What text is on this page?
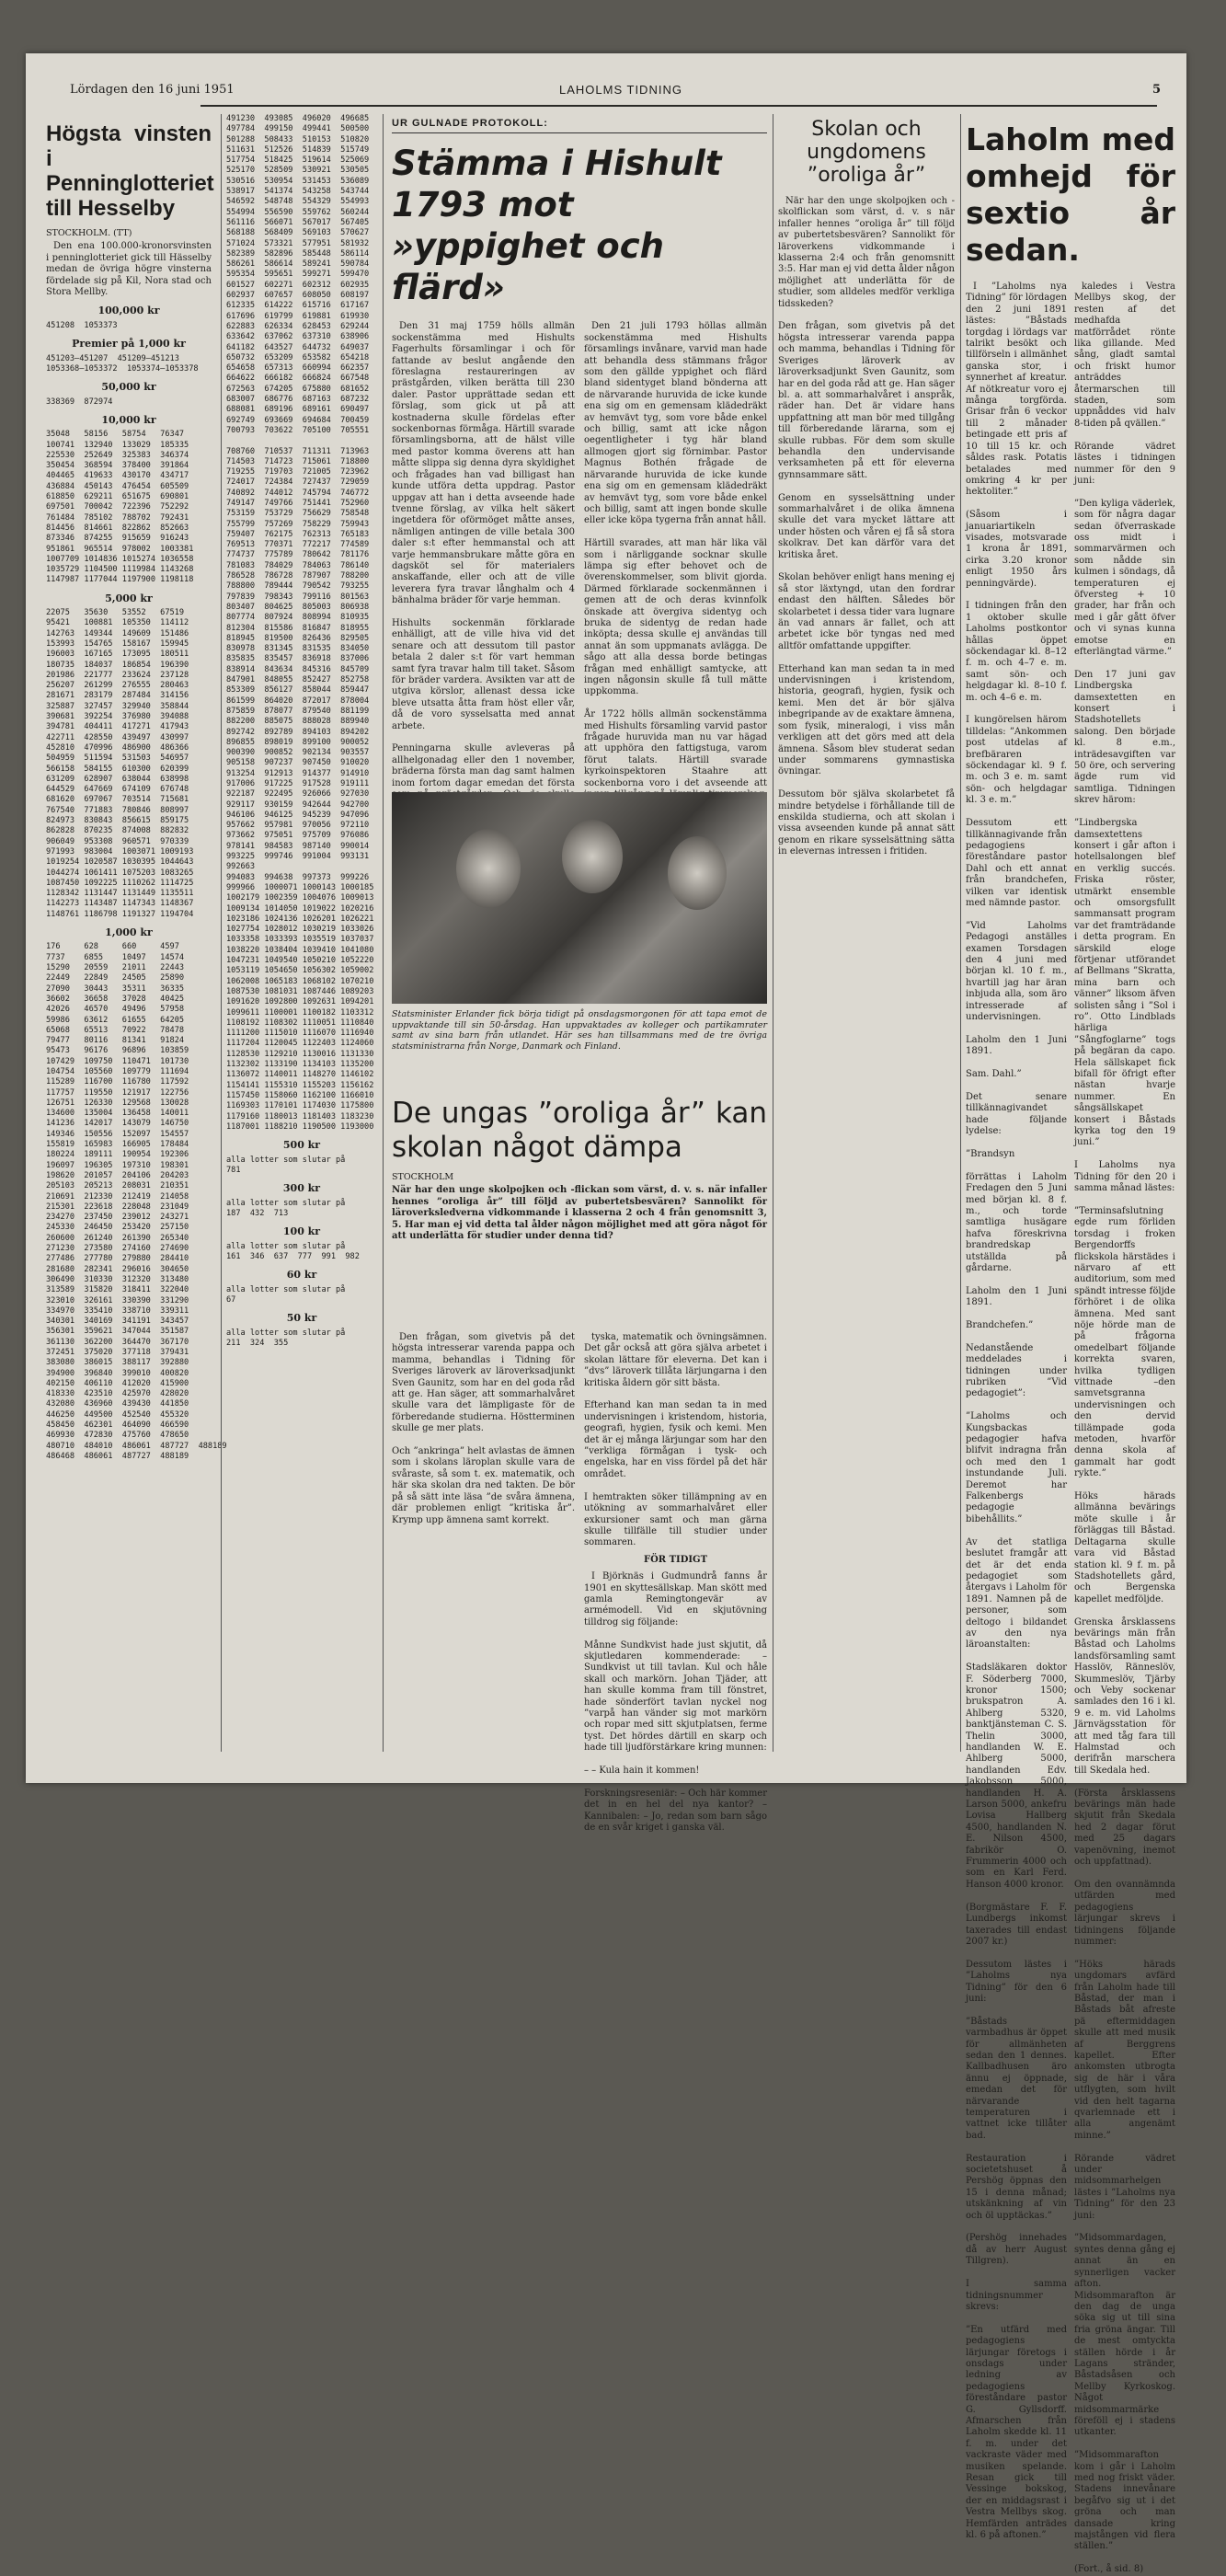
Lördagen den 16 juni 1951	LAHOLMS TIDNING	5
Högsta vinsten i Penninglotteriet till Hesselby
STOCKHOLM. (TT)
Den ena 100.000-kronorsvinsten i penninglotteriet gick till Hässelby medan de övriga högre vinsterna fördelade sig på Kil, Nora stad och Stora Mellby.
100,000 kr
451208  1053373
Premier på 1,000 kr
451203—451207  451209—451213
1053368—1053372  1053374—1053378
50,000 kr
338369  872974
10,000 kr
35048   58156   58754   76347
100741  132940  133029  185335
225530  252649  325383  346374
350454  368594  378400  391864
404465  419633  430170  434717
436884  450143  476454  605509
618850  629211  651675  690801
697501  700042  722396  752292
761484  785102  788702  792431
814456  814661  822862  852663
873346  874255  915659  916243
951861  965514  978002  1003381
1007709 1014836 1015274 1036558
1035729 1104500 1119984 1143268
1147987 1177044 1197900 1198118
5,000 kr
22075   35630   53552   67519
95421   100881  105350  114112
142763  149344  149609  151486
153993  154765  158167  159945
196003  167165  173095  180511
180735  184037  186854  196390
201986  221777  233624  237128
256207  261299  276555  280463
281671  283179  287484  314156
325887  327457  329940  358844
390681  392254  376980  394088
394781  404411  417271  417943
422711  428550  439497  430997
452810  470996  486900  486366
504959  511594  531503  546957
566158  584155  610300  620399
631209  628907  638044  638998
644529  647669  674109  676748
681620  697067  703514  715681
767540  771883  780846  808997
824973  830843  856615  859175
862828  870235  874008  882832
906049  953308  960571  970339
971993  983004  1003071 1009193
1019254 1020587 1030395 1044643
1044274 1061411 1075203 1083265
1087450 1092225 1110262 1114725
1128342 1131447 1131449 1135511
1142273 1143487 1147343 1148367
1148761 1186798 1191327 1194704
1,000 kr
176     628     660     4597
7737    6855    10497   14574
15290   20559   21011   22443
22449   22849   24505   25890
27090   30443   35311   36335
36602   36658   37028   40425
42026   46570   49496   57958
59986   63612   61655   64205
65068   65513   70922   78478
79477   80116   81341   91824
95473   96176   96896   103859
107429  109750  110471  101730
104754  105560  109779  111694
115289  116700  116780  117592
117757  119550  121917  122756
126751  126330  129568  130028
134600  135004  136458  140011
141236  142017  143079  146750
149346  150556  152097  154557
155819  165983  166905  178484
180224  189111  190954  192306
196097  196305  197310  198301
198620  201057  204106  204203
205103  205213  208031  210351
210691  212330  212419  214058
215301  223618  228048  231049
234270  237450  239012  243271
245330  246450  253420  257150
260600  261240  261390  265340
271230  273580  274160  274690
277486  277780  279880  284410
281680  282341  296016  304650
306490  310330  312320  313480
313589  315820  318411  322040
323010  326161  330390  331290
334970  335410  338710  339311
340301  340169  341191  343457
356301  359621  347044  351587
361130  362200  364470  367170
372451  375020  377118  379431
383080  386015  388117  392880
394900  396840  399010  400820
402150  406110  412020  415900
418330  423510  425970  428020
432080  436960  439430  441850
446250  449500  452540  455320
458450  462301  464090  466590
469930  472830  475760  478650
480710  484010  486061  487727  488189
486468  486061  487727  488189
491230  493085  496020  496685
497784  499150  499441  500500
501288  508433  510153  510820
511631  512526  514839  515749
517754  518425  519614  525069
525170  528509  530921  530505
530516  530954  531453  536089
538917  541374  543258  543744
546592  548748  554329  554993
554994  556590  559762  560244
561116  566071  567017  567405
568188  568409  569103  570627
571024  573321  577951  581932
582389  582896  585448  586114
586261  586614  589241  590784
595354  595651  599271  599470
601527  602271  602312  602935
602937  607657  608050  608197
612335  614222  615716  617167
617696  619799  619881  619930
622883  626334  628453  629244
633642  637062  637310  638906
641182  643527  644732  649037
650732  653209  653582  654218
654658  657313  660994  662357
664622  666182  666824  667548
672563  674205  675880  681652
683007  686776  687163  687232
688081  689196  689161  690497
692749  693669  694684  700459
700793  703622  705100  705551

708760  710537  711311  713963
714503  714723  715061  718800
719255  719703  721005  723962
724017  724384  727437  729059
740892  744012  745794  746772
749147  749766  751441  752960
753159  753729  756629  758548
755799  757269  758229  759943
759407  762175  762313  765183
769513  770371  772217  774589
774737  775789  780642  781176
781083  784029  784063  786140
786528  786728  787907  788200
788800  789444  790542  793255
797839  798343  799116  801563
803407  804625  805003  806938
807774  807924  808994  810935
812304  815586  816847  818955
818945  819500  826436  829505
830978  831345  831535  834050
835835  835457  836918  837006
838914  843634  845316  845709
847901  848055  852427  852758
853309  856127  858044  859447
861599  864020  872017  878004
875859  878077  879540  881199
882200  885075  888028  889940
892742  892789  894103  894202
896855  898019  899100  900052
900390  900852  902134  903557
905158  907237  907450  910020
913254  912913  914377  914910
917006  917225  917528  919111
922187  922495  926066  927030
929117  930159  942644  942700
946106  946125  945239  947096
957662  957981  970056  972110
973662  975051  975709  976086
978141  984583  987140  990014
993225  999746  991004  993131
992663
994083  994638  997373  999226
999966  1000071 1000143 1000185
1002179 1002359 1004076 1009013
1009134 1014050 1019022 1020216
1023186 1024136 1026201 1026221
1027754 1028012 1030219 1033026
1033358 1033393 1035519 1037037
1038220 1038404 1039410 1041080
1047231 1049540 1050210 1052220
1053119 1054650 1056302 1059002
1062008 1065183 1068102 1070210
1087530 1081031 1087446 1089203
1091620 1092800 1092631 1094201
1099611 1100001 1100182 1103312
1108192 1108302 1110051 1110840
1111200 1115010 1116070 1116940
1117204 1120045 1122403 1124060
1128530 1129210 1130016 1131330
1132302 1133190 1134103 1135200
1136072 1140011 1148270 1146102
1154141 1155310 1155203 1156162
1157450 1158060 1162100 1166010
1169303 1170101 1174030 1175800
1179160 1180013 1181403 1183230
1187001 1188210 1190500 1193000
500 kr
alla lotter som slutar på
781
300 kr
alla lotter som slutar på
187  432  713
100 kr
alla lotter som slutar på
161  346  637  777  991  982
60 kr
alla lotter som slutar på
67
50 kr
alla lotter som slutar på
211  324  355
UR GULNADE PROTOKOLL:
Stämma i Hishult 1793 mot »yppighet och flärd»
Den 31 maj 1759 hölls allmän sockenstämma med Hishults Fagerhults församlingar i och för fattande av beslut angående den föreslagna restaureringen av prästgården, vilken berätta till 230 daler. Pastor upprättade sedan ett förslag, som gick ut på att kostnaderna skulle fördelas efter sockenbornas förmåga. Härtill svarade församlingsborna, att de hälst ville med pastor komma överens att han måtte slippa sig denna dyra skyldighet och frågades han vad billigast han kunde utföra detta uppdrag. Pastor uppgav att han i detta avseende hade tvenne förslag, av vilka helt säkert ingetdera för oförmöget måtte anses, nämligen antingen de ville betala 300 daler s:t efter hemmanstal och att varje hemmansbrukare måtte göra en dagsköt sel för materialers anskaffande, eller och att de ville leverera fyra travar långhalm och 4 bänhalma bräder för varje hemman.

Hishults sockenmän förklarade enhälligt, att de ville hiva vid det senare och att dessutom till pastor betala 2 daler s:t för vart hemman samt fyra travar halm till taket. Såsom för bräder vardera. Avsikten var att de utgiva körslor, allenast dessa icke bleve utsatta åtta fram höst eller vår, då de voro sysselsatta med annat arbete.

Penningarna skulle avleveras på allhelgonadag eller den 1 november, bräderna första man dag samt halmen inom fortom dagar emedan det första
Den 21 juli 1793 höllas allmän sockenstämma med Hishults församlings invånare, varvid man hade att behandla dess stämmans frågor som den gällde yppighet och flärd bland sidentyget bland bönderna att de närvarande huruvida de icke kunde ena sig om en gemensam klädedräkt av hemvävt tyg, som vore både enkel och billig, samt att icke någon oegentligheter i tyg här bland allmogen gjort sig förnimbar. Pastor Magnus Bothén frågade de närvarande huruvida de icke kunde ena sig om en gemensam klädedräkt av hemvävt tyg, som vore både enkel och billig, samt att ingen bonde skulle eller icke köpa tygerna från annat håll.

Härtill svarades, att man här lika väl som i närliggande socknar skulle lämpa sig efter behovet och de överenskommelser, som blivit gjorda. Därmed förklarade sockenmännen i gemen att de och deras kvinnfolk önskade att övergiva sidentyg och bruka de sidentyg de redan hade inköpta; dessa skulle ej användas till annat än som uppmanats avlägga. De sågo att alla dessa borde betingas frågan med enhälligt samtycke, att ingen någonsin skulle få tull mätte uppkomma.

År 1722 hölls allmän sockenstämma med Hishults församling varvid pastor frågade huruvida man nu var hägad att upphöra den fattigstuga, varom förut talats. Härtill svarade kyrkoinspektoren Staahre att sockenborna voro i det avseende att
Statsminister Erlander fick börja tidigt på onsdagsmorgonen för att tapa emot de uppvaktande till sin 50-årsdag. Han uppvaktades av kolleger och partikamrater samt av sina barn från utlandet. Här ses han tillsammans med de tre övriga statsministrarna från Norge, Danmark och Finland.
De ungas ”oroliga år” kan skolan något dämpa
STOCKHOLM
När har den unge skolpojken och -flickan som värst, d. v. s. när infaller hennes ”oroliga år” till följd av pubertetsbesvären? Sannolikt för läroverksledverna vidkommande i klasserna 2 och 4 från genomsnitt 3, 5. Har man ej vid detta tal ålder någon möjlighet med att göra något för att underlätta för studier under denna tid?
Den frågan, som givetvis på det högsta intresserar varenda pappa och mamma, behandlas i Tidning för Sveriges läroverk av läroverksadjunkt Sven Gaunitz, som har en del goda råd att ge. Han säger, att sommarhalvåret skulle vara det lämpligaste för de förberedande studierna. Höstterminen skulle ge mer plats.

Och ”ankringa” helt avlastas de ämnen som i skolans läroplan skulle vara de svåraste, så som t. ex. matematik, och här ska skolan dra ned takten. De bör på så sätt inte läsa ”de svåra ämnena, där problemen enligt ”kritiska år”. Krymp upp ämnena samt korrekt.
tyska, matematik och övningsämnen. Det går också att göra själva arbetet i skolan lättare för eleverna. Det kan i ”dvs” läroverk tillåta lärjungarna i den kritiska åldern gör sitt bästa.

Efterhand kan man sedan ta in med undervisningen i kristendom, historia, geografi, hygien, fysik och kemi. Men det är ej många lärjungar som har den ”verkliga förmågan i tysk- och engelska, har en viss fördel på det här området.

I hemtrakten söker tillämpning av en utökning av sommarhalvåret eller exkursioner samt och man gärna skulle tillfälle till studier under sommaren.
FÖR TIDIGT
I Björknäs i Gudmundrå fanns år 1901 en skyttesällskap. Man skött med gamla Remingtongevär av armémodell. Vid en skjutövning tilldrog sig följande:

Månne Sundkvist hade just skjutit, då skjutledaren kommenderade: – Sundkvist ut till tavlan. Kul och håle skall och markörn. Johan Tjäder, att han skulle komma fram till fönstret, hade sönderfört tavlan nyckel nog ”varpå han vänder sig mot markörn och ropar med sitt skjutplatsen, ferme tyst. Det hördes därtill en skarp och hade till ljudförstärkare kring munnen:

– – Kula hain it kommen!

Forskningsreseniär: – Och här kommer det in en hel del nya kantor? – Kannibalen: – Jo, redan som barn sågo de en svår kriget i ganska väl.
Skolan och ungdomens ”oroliga år”
När har den unge skolpojken och -skolflickan som värst, d. v. s när infaller hennes ”oroliga år” till följd av pubertetsbesvären? Sannolikt för läroverkens vidkommande i klasserna 2:4 och från genomsnitt 3:5. Har man ej vid detta ålder någon möjlighet att underlätta för de studier, som alldeles medför verkliga tidsskeden?

Den frågan, som givetvis på det högsta intresserar varenda pappa och mamma, behandlas i Tidning för Sveriges läroverk av läroverksadjunkt Sven Gaunitz, som har en del goda råd att ge. Han säger bl. a. att sommarhalvåret i anspråk, räder han. Det är vidare hans uppfattning att man bör med tillgång till förberedande lärarna, som ej skulle rubbas. För dem som skulle behandla den undervisande verksamheten på ett för eleverna gynnsammare sätt.

Genom en sysselsättning under sommarhalvåret i de olika ämnena skulle det vara mycket lättare att under hösten och våren ej få så stora skolkrav. Det kan därför vara det kritiska året.

Skolan behöver enligt hans mening ej så stor läxtyngd, utan den fordrar endast den hälften. Således bör skolarbetet i dessa tider vara lugnare än vad annars är fallet, och att arbetet icke bör tyngas ned med alltför omfattande uppgifter.

Etterhand kan man sedan ta in med undervisningen i kristendom, historia, geografi, hygien, fysik och kemi. Men det är bör själva inbegripande av de exaktare ämnena, som fysik, mineralogi, i viss mån verkligen att det görs med att dela ämnena. Såsom blev studerat sedan under sommarens gymnastiska övningar.

Dessutom bör själva skolarbetet få mindre betydelse i förhållande till de enskilda studierna, och att skolan i vissa avseenden kunde på annat sätt genom en rikare sysselsättning sätta in elevernas intressen i fritiden.
Laholm med omhejd för sextio år sedan.
I ”Laholms nya Tidning” för lördagen den 2 juni 1891 lästes: ”Båstads torgdag i lördags var talrikt besökt och tillförseln i allmänhet ganska stor, i synnerhet af kreatur. Af nötkreatur voro ej många torgförda. Grisar från 6 veckor till 2 månader betingade ett pris af 10 till 15 kr. och såldes rask. Potatis betalades med omkring 4 kr per hektoliter.”

(Såsom i januariartikeln visades, motsvarade 1 krona år 1891, cirka 3.20 kronor enligt 1950 års penningvärde).

I tidningen från den 1 oktober skulle Laholms postkontor hållas öppet söckendagar kl. 8–12 f. m. och 4–7 e. m. samt sön- och helgdagar kl. 8–10 f. m. och 4–6 e. m.

I kungörelsen härom tilldelas: ”Ankommen post utdelas af brefbäraren söckendagar kl. 9 f. m. och 3 e. m. samt sön- och helgdagar kl. 3 e. m.”

Dessutom ett tillkännagivande från pedagogiens föreståndare pastor Dahl och ett annat från brandchefen, vilken var identisk med nämnde pastor.

”Vid Laholms Pedagogi anställes examen Torsdagen den 4 juni med början kl. 10 f. m., hvartill jag har äran inbjuda alla, som äro intresserade af undervisningen.

Laholm den 1 Juni 1891.

Sam. Dahl.”

Det senare tillkännagivandet hade följande lydelse:

”Brandsyn

förrättas i Laholm Fredagen den 5 Juni med början kl. 8 f. m., och torde samtliga husägare hafva föreskrivna brandredskap utställda på gårdarne.

Laholm den 1 Juni 1891.

Brandchefen.”

Nedanstående meddelades i tidningen under rubriken ”Vid pedagogiet”:

”Laholms och Kungsbackas pedagogier hafva blifvit indragna från och med den 1 instundande Juli. Deremot har Falkenbergs pedagogie bibehållits.”

Av det statliga beslutet framgår att det är det enda pedagogiet som återgavs i Laholm för 1891. Namnen på de personer, som deltogo i bildandet av den nya läroanstalten:

Stadsläkaren doktor F. Söderberg 7000, kronor 1500; brukspatron A. Ahlberg 5320, banktjänsteman C. S. Thelin 3000, handlanden W. E. Ahlberg 5000, handlanden Edv. Jakobsson 5000, handlanden H. A. Larson 5000, ankefru Lovisa Hallberg 4500, handlanden N. E. Nilson 4500, fabrikör O. Frummerin 4000 och som en Karl Ferd. Hanson 4000 kronor.

(Borgmästare F. F. Lundbergs inkomst taxerades till endast 2007 kr.)

Dessutom lästes i ”Laholms nya Tidning” för den 6 juni:

”Båstads varmbadhus är öppet för allmänheten sedan den 1 dennes. Kallbadhusen äro ännu ej öppnade, emedan det för närvarande temperaturen i vattnet icke tillåter bad.

Restauration i societetshuset å Pershög öppnas den 15 i denna månad; utskänkning af vin och öl upptäckas.”

(Pershög innehades då av herr August Tillgren).

I samma tidningsnummer skrevs:

”En utfärd med pedagogiens lärjungar företogs i onsdags under ledning av pedagogiens föreståndare pastor G. Gyllsdorff. Afmarschen från Laholm skedde kl. 11 f. m. under det vackraste väder med musiken spelande. Resan gick till Vessinge bokskog, der en middagsrast i Vestra Mellbys skog. Hemfärden anträdes kl. 6 på aftonen.”
kaledes i Vestra Mellbys skog, der resten af det medhafda matförrådet rönte lika gillande. Med sång, gladt samtal och friskt humor anträddes återmarschen till staden, som uppnåddes vid halv 8-tiden på qvällen.”

Rörande vädret lästes i tidningen nummer för den 9 juni:

”Den kyliga väderlek, som för några dagar sedan öfverraskade oss midt i sommarvärmen och som nådde sin kulmen i söndags, då temperaturen ej öfversteg + 10 grader, har från och med i går gått öfver och vi synas kunna emotse en efterlängtad värme.”

Den 17 juni gav Lindbergska damsextetten en konsert i Stadshotellets salong. Den började kl. 8 e.m., inträdesavgiften var 50 öre, och servering ägde rum vid samtliga. Tidningen skrev härom:

”Lindbergska damsextettens konsert i går afton i hotellsalongen blef en verklig succés. Friska röster, utmärkt ensemble och omsorgsfullt sammansatt program var det framträdande i detta program. En särskild eloge förtjenar utförandet af Bellmans ”Skratta, mina barn och vänner” liksom äfven solisten sång i ”Sol i ro”. Otto Lindblads härliga ”Sångfoglarne” togs på begäran da capo. Hela sällskapet fick bifall för öfrigt efter nästan hvarje nummer. En sångsällskapet konsert i Båstads kyrka tog den 19 juni.”

I Laholms nya Tidning för den 20 i samma månad lästes:

”Terminsafslutning egde rum förliden torsdag i froken Bergendorffs flickskola härstädes i närvaro af ett auditorium, som med spändt intresse följde förhöret i de olika ämnena. Med sant nöje hörde man de på frågorna omedelbart följande korrekta svaren, hvilka tydligen vittnade –den samvetsgranna undervisningen och den dervid tillämpade goda metoden, hvarför denna skola af gammalt har godt rykte.”

Höks härads allmänna bevärings möte skulle i år förläggas till Båstad. Deltagarna skulle vara vid Båstad station kl. 9 f. m. på Stadshotellets gård, och Bergenska kapellet medföljde.

Grenska årsklassens bevärings män från Båstad och Laholms landsförsamling samt Hasslöv, Ränneslöv, Skummeslöv, Tjärby och Veby sockenar samlades den 16 i kl. 9 e. m. vid Laholms Järnvägsstation för att med tåg fara till Halmstad och derifrån marschera till Skedala hed.

(Första årsklassens bevärings män hade skjutit från Skedala hed 2 dagar förut med 25 dagars vapenövning, inemot och uppfattnad).

Om den ovannämnda utfärden med pedagogiens lärjungar skrevs i tidningens följande nummer:

”Höks härads ungdomars avfärd från Laholm hade till Båstad, der man i Båstads båt afreste pä eftermiddagen skulle att med musik af Berggrens kapellet. Efter ankomsten utbrogta sig de här i våra utflygten, som hvilt vid den helt tagarna qvarlemnade ett i alla angenämt minne.”

Rörande vädret under midsommarhelgen lästes i ”Laholms nya Tidning” för den 23 juni:

”Midsommardagen, syntes denna gång ej annat än en synnerligen vacker afton. Midsommarafton är den dag de unga söka sig ut till sina fria gröna ängar. Till de mest omtyckta ställen hörde i år Lagans stränder, Båstadsåsen och Mellby Kyrkoskog. Något midsommarmärke föreföll ej i stadens utkanter.

”Midsommarafton kom i går i Laholm med nog friskt väder. Stadens innevånare begåfvo sig ut i det gröna och man dansade kring majstången vid flera ställen.”

(Fort., å sid. 8)
